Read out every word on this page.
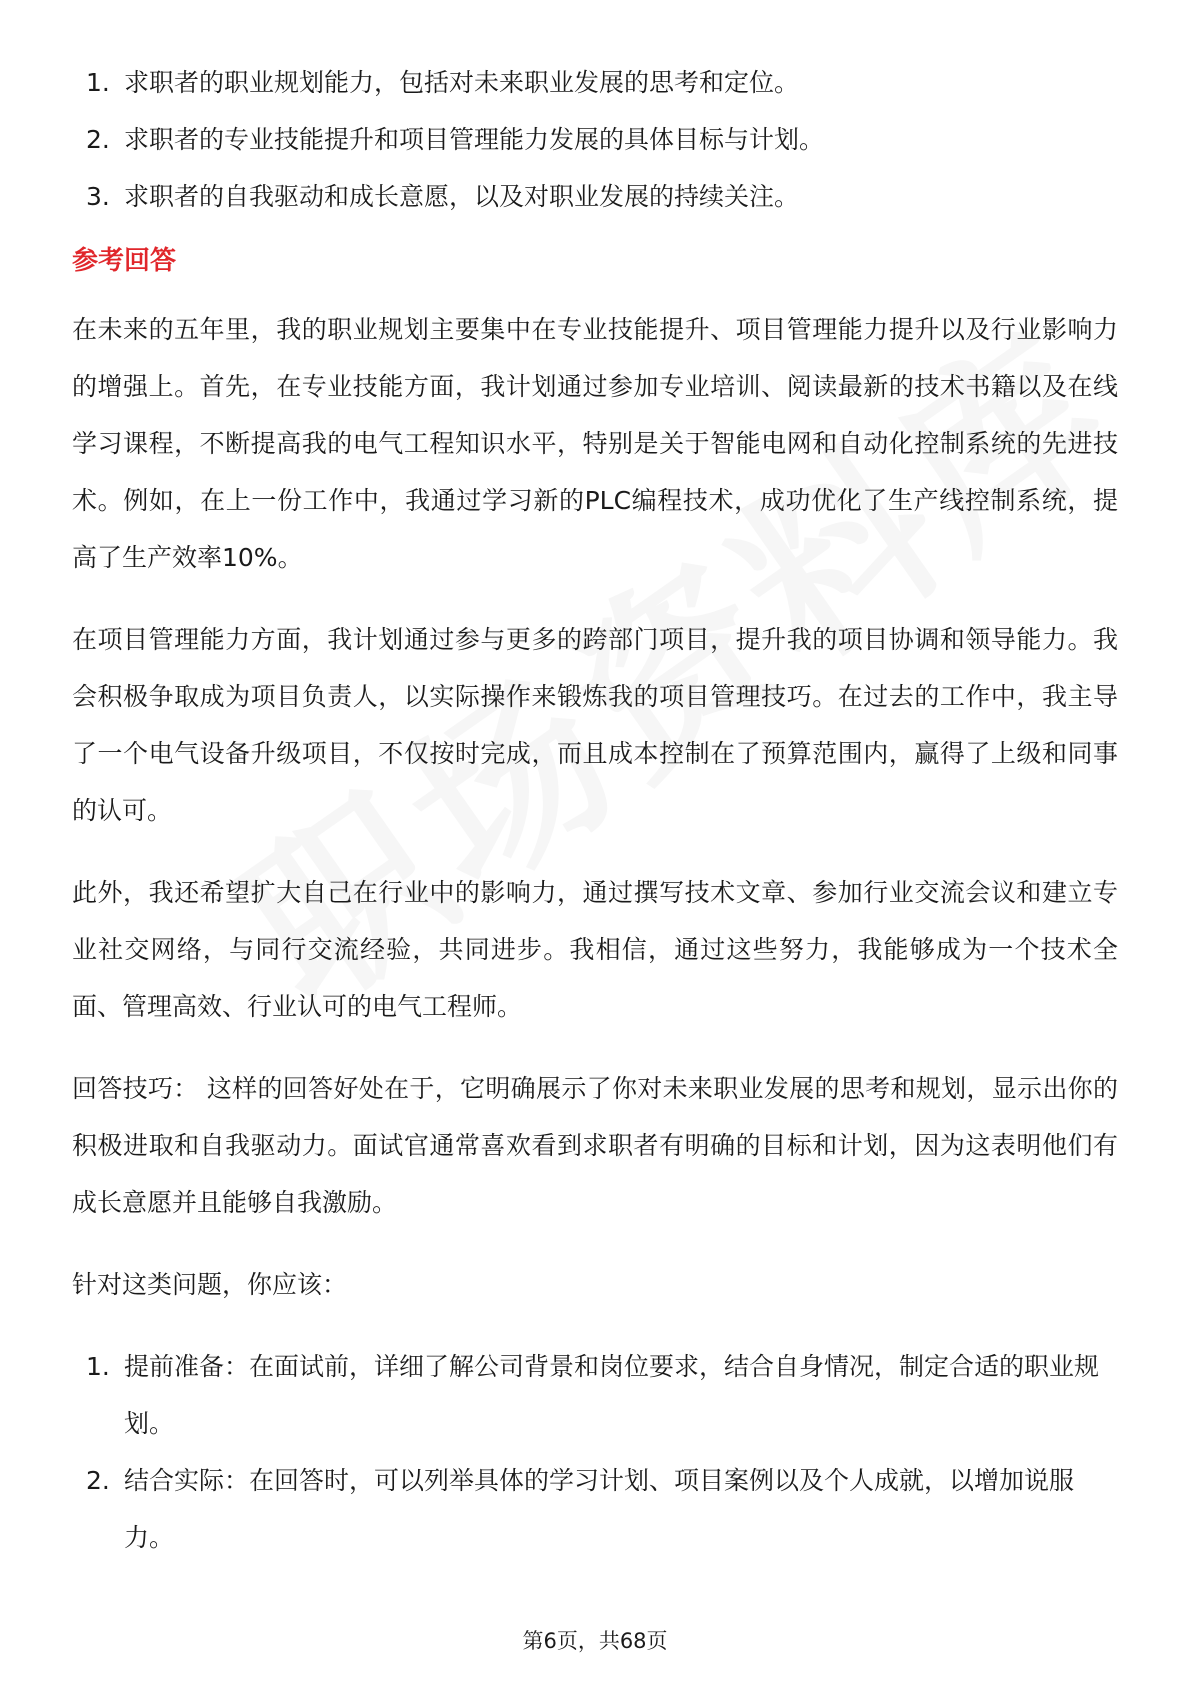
1. 求职者的职业规划能力，包括对未来职业发展的思考和定位。
2. 求职者的专业技能提升和项目管理能力发展的具体目标与计划。
3. 求职者的自我驱动和成长意愿，以及对职业发展的持续关注。
参考回答

在未来的五年里，我的职业规划主要集中在专业技能提升、项目管理能力提升以及行业影响力的增强上。首先，在专业技能方面，我计划通过参加专业培训、阅读最新的技术书籍以及在线学习课程，不断提高我的电气工程知识水平，特别是关于智能电网和自动化控制系统的先进技术。例如，在上一份工作中，我通过学习新的PLC编程技术，成功优化了生产线控制系统，提高了生产效率10%。

在项目管理能力方面，我计划通过参与更多的跨部门项目，提升我的项目协调和领导能力。我会积极争取成为项目负责人，以实际操作来锻炼我的项目管理技巧。在过去的工作中，我主导了一个电气设备升级项目，不仅按时完成，而且成本控制在了预算范围内，赢得了上级和同事的认可。

此外，我还希望扩大自己在行业中的影响力，通过撰写技术文章、参加行业交流会议和建立专业社交网络，与同行交流经验，共同进步。我相信，通过这些努力，我能够成为一个技术全面、管理高效、行业认可的电气工程师。

回答技巧： 这样的回答好处在于，它明确展示了你对未来职业发展的思考和规划，显示出你的积极进取和自我驱动力。面试官通常喜欢看到求职者有明确的目标和计划，因为这表明他们有成长意愿并且能够自我激励。

针对这类问题，你应该：

1. 提前准备：在面试前，详细了解公司背景和岗位要求，结合自身情况，制定合适的职业规划。
2. 结合实际：在回答时，可以列举具体的学习计划、项目案例以及个人成就，以增加说服力。
第6页，共68页
